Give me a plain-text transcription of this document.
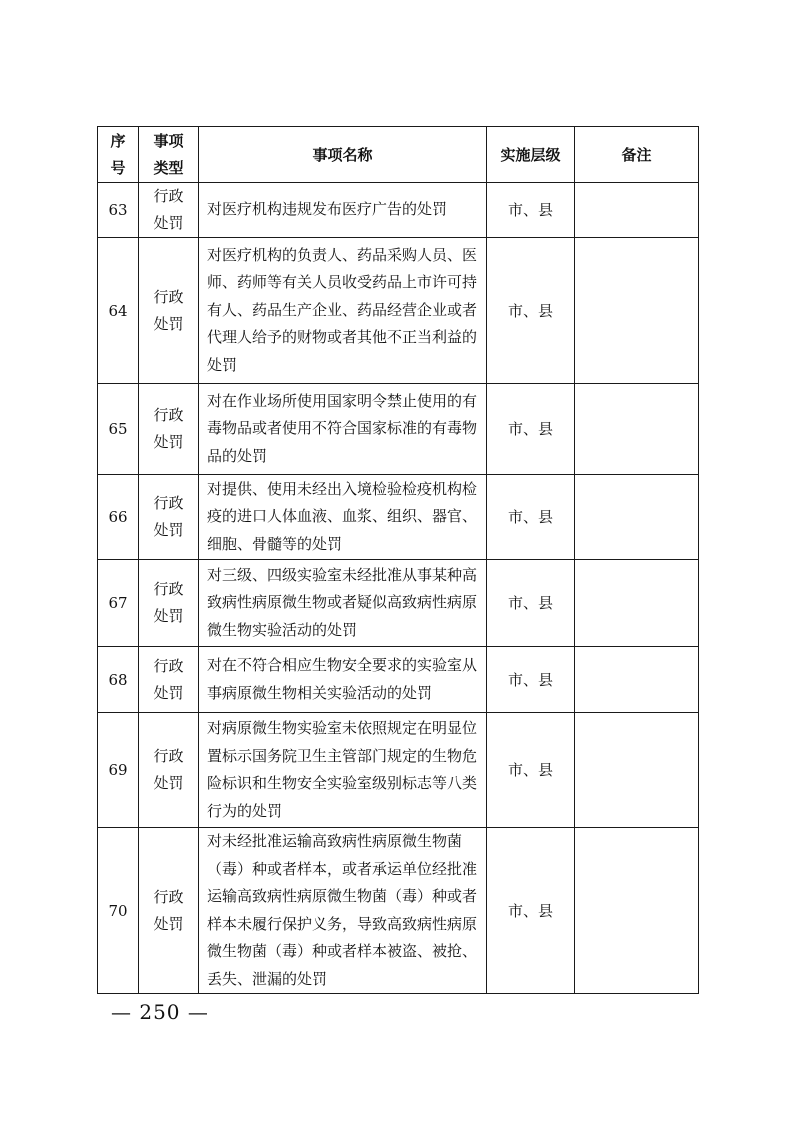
序号	事项类型	事项名称	实施层级	备注
63	行政处罚	对医疗机构违规发布医疗广告的处罚	市、县	
64	行政处罚	对医疗机构的负责人、药品采购人员、医师、药师等有关人员收受药品上市许可持有人、药品生产企业、药品经营企业或者代理人给予的财物或者其他不正当利益的处罚	市、县	
65	行政处罚	对在作业场所使用国家明令禁止使用的有毒物品或者使用不符合国家标准的有毒物品的处罚	市、县	
66	行政处罚	对提供、使用未经出入境检验检疫机构检疫的进口人体血液、血浆、组织、器官、细胞、骨髓等的处罚	市、县	
67	行政处罚	对三级、四级实验室未经批准从事某种高致病性病原微生物或者疑似高致病性病原微生物实验活动的处罚	市、县	
68	行政处罚	对在不符合相应生物安全要求的实验室从事病原微生物相关实验活动的处罚	市、县	
69	行政处罚	对病原微生物实验室未依照规定在明显位置标示国务院卫生主管部门规定的生物危险标识和生物安全实验室级别标志等八类行为的处罚	市、县	
70	行政处罚	对未经批准运输高致病性病原微生物菌（毒）种或者样本，或者承运单位经批准运输高致病性病原微生物菌（毒）种或者样本未履行保护义务，导致高致病性病原微生物菌（毒）种或者样本被盗、被抢、丢失、泄漏的处罚	市、县	
— 250 —
